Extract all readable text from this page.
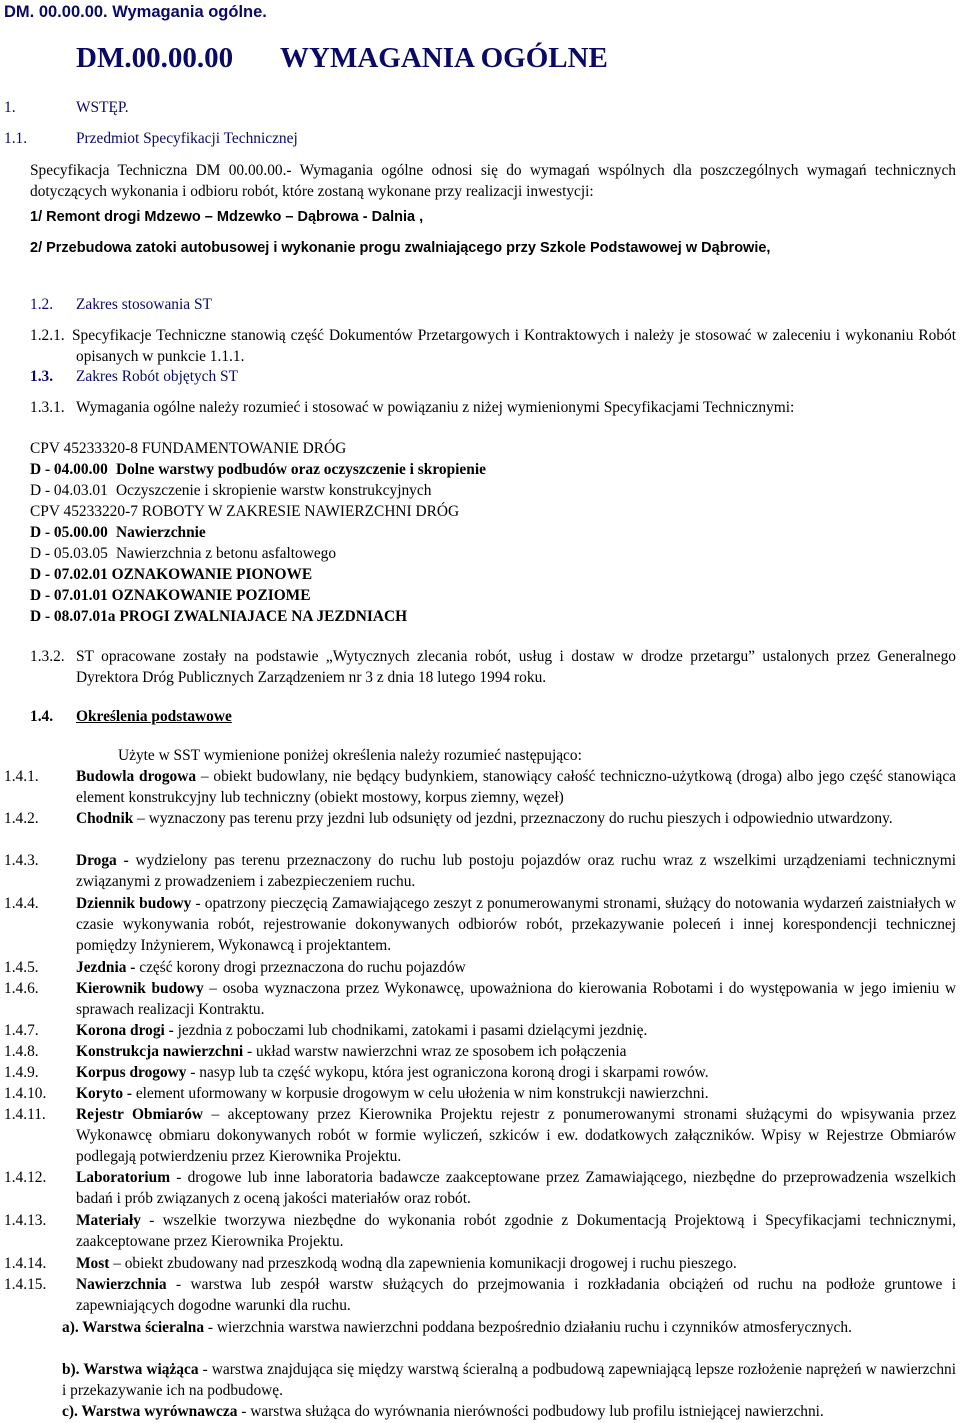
DM. 00.00.00. Wymagania ogólne.
DM.00.00.00 WYMAGANIA OGÓLNE
1.	WSTĘP.
1.1.	Przedmiot Specyfikacji Technicznej
Specyfikacja Techniczna DM 00.00.00.- Wymagania ogólne odnosi się do wymagań wspólnych dla poszczególnych wymagań technicznych dotyczących wykonania i odbioru robót, które zostaną wykonane przy realizacji inwestycji:
1/ Remont drogi Mdzewo – Mdzewko – Dąbrowa - Dalnia ,
2/ Przebudowa zatoki autobusowej i wykonanie progu zwalniającego przy Szkole Podstawowej w Dąbrowie,
1.2. Zakres stosowania ST
1.2.1. Specyfikacje Techniczne stanowią część Dokumentów Przetargowych i Kontraktowych i należy je stosować w zaleceniu i wykonaniu Robót opisanych w punkcie 1.1.1.
1.3. Zakres Robót objętych ST
1.3.1. Wymagania ogólne należy rozumieć i stosować w powiązaniu z niżej wymienionymi Specyfikacjami Technicznymi:
CPV 45233320-8 FUNDAMENTOWANIE DRÓG
D - 04.00.00 Dolne warstwy podbudów oraz oczyszczenie i skropienie
D - 04.03.01 Oczyszczenie i skropienie warstw konstrukcyjnych
CPV 45233220-7 ROBOTY W ZAKRESIE NAWIERZCHNI DRÓG
D - 05.00.00 Nawierzchnie
D - 05.03.05 Nawierzchnia z betonu asfaltowego
D - 07.02.01 OZNAKOWANIE PIONOWE
D - 07.01.01 OZNAKOWANIE POZIOME
D - 08.07.01a PROGI ZWALNIAJACE NA JEZDNIACH
1.3.2. ST opracowane zostały na podstawie „Wytycznych zlecania robót, usług i dostaw w drodze przetargu” ustalonych przez Generalnego Dyrektora Dróg Publicznych Zarządzeniem nr 3 z dnia 18 lutego 1994 roku.
1.4. Określenia podstawowe
Użyte w SST wymienione poniżej określenia należy rozumieć następująco:
1.4.1. Budowla drogowa – obiekt budowlany, nie będący budynkiem, stanowiący całość techniczno-użytkową (droga) albo jego część stanowiąca element konstrukcyjny lub techniczny (obiekt mostowy, korpus ziemny, węzeł)
1.4.2. Chodnik – wyznaczony pas terenu przy jezdni lub odsunięty od jezdni, przeznaczony do ruchu pieszych i odpowiednio utwardzony.
1.4.3. Droga - wydzielony pas terenu przeznaczony do ruchu lub postoju pojazdów oraz ruchu wraz z wszelkimi urządzeniami technicznymi związanymi z prowadzeniem i zabezpieczeniem ruchu.
1.4.4. Dziennik budowy - opatrzony pieczęcią Zamawiającego zeszyt z ponumerowanymi stronami, służący do notowania wydarzeń zaistniałych w czasie wykonywania robót, rejestrowanie dokonywanych odbiorów robót, przekazywanie poleceń i innej korespondencji technicznej pomiędzy Inżynierem, Wykonawcą i projektantem.
1.4.5. Jezdnia - część korony drogi przeznaczona do ruchu pojazdów
1.4.6. Kierownik budowy – osoba wyznaczona przez Wykonawcę, upoważniona do kierowania Robotami i do występowania w jego imieniu w sprawach realizacji Kontraktu.
1.4.7. Korona drogi - jezdnia z poboczami lub chodnikami, zatokami i pasami dzielącymi jezdnię.
1.4.8. Konstrukcja nawierzchni - układ warstw nawierzchni wraz ze sposobem ich połączenia
1.4.9. Korpus drogowy - nasyp lub ta część wykopu, która jest ograniczona koroną drogi i skarpami rowów.
1.4.10. Koryto - element uformowany w korpusie drogowym w celu ułożenia w nim konstrukcji nawierzchni.
1.4.11. Rejestr Obmiarów – akceptowany przez Kierownika Projektu rejestr z ponumerowanymi stronami służącymi do wpisywania przez Wykonawcę obmiaru dokonywanych robót w formie wyliczeń, szkiców i ew. dodatkowych załączników. Wpisy w Rejestrze Obmiarów podlegają potwierdzeniu przez Kierownika Projektu.
1.4.12. Laboratorium - drogowe lub inne laboratoria badawcze zaakceptowane przez Zamawiającego, niezbędne do przeprowadzenia wszelkich badań i prób związanych z oceną jakości materiałów oraz robót.
1.4.13. Materiały - wszelkie tworzywa niezbędne do wykonania robót zgodnie z Dokumentacją Projektową i Specyfikacjami technicznymi, zaakceptowane przez Kierownika Projektu.
1.4.14. Most – obiekt zbudowany nad przeszkodą wodną dla zapewnienia komunikacji drogowej i ruchu pieszego.
1.4.15. Nawierzchnia - warstwa lub zespół warstw służących do przejmowania i rozkładania obciążeń od ruchu na podłoże gruntowe i zapewniających dogodne warunki dla ruchu.
a). Warstwa ścieralna - wierzchnia warstwa nawierzchni poddana bezpośrednio działaniu ruchu i czynników atmosferycznych.
b). Warstwa wiążąca - warstwa znajdująca się między warstwą ścieralną a podbudową zapewniającą lepsze rozłożenie naprężeń w nawierzchni i przekazywanie ich na podbudowę.
c). Warstwa wyrównawcza - warstwa służąca do wyrównania nierówności podbudowy lub profilu istniejącej nawierzchni.
